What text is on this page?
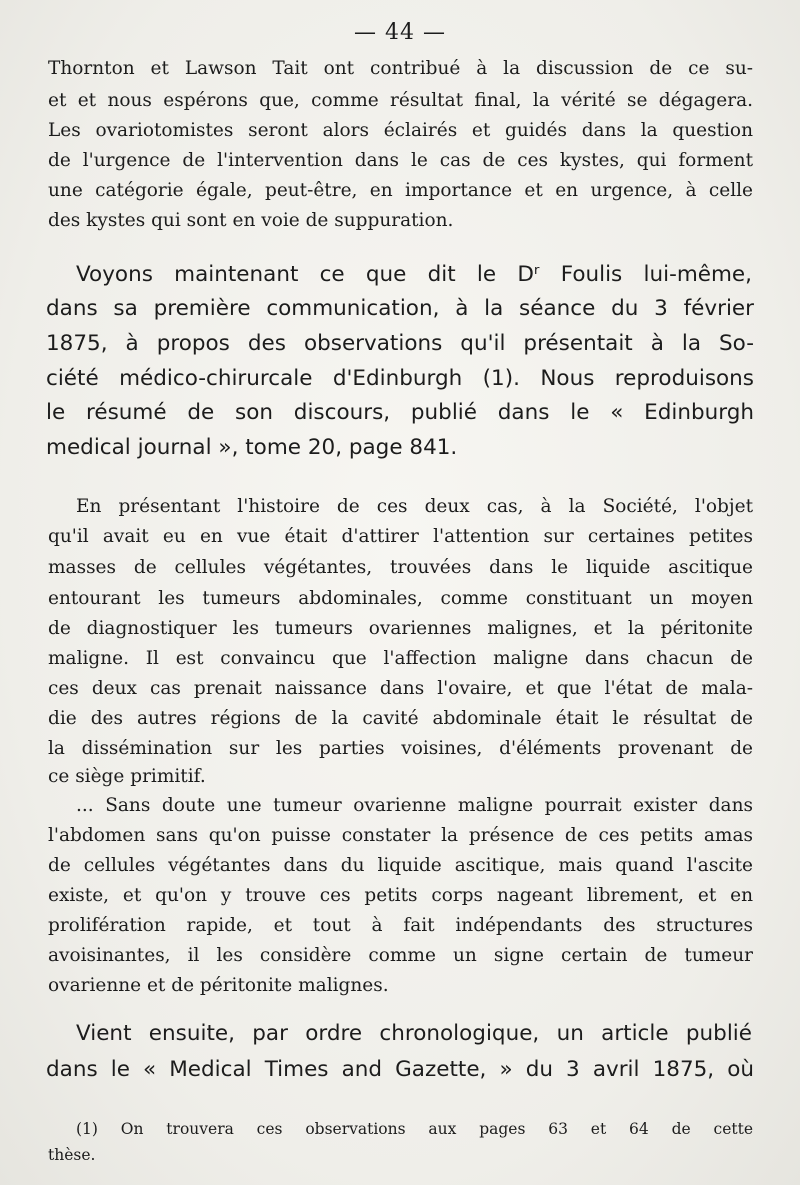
— 44 —
Thornton et Lawson Tait ont contribué à la discussion de ce su-
et et nous espérons que, comme résultat final, la vérité se dégagera.
Les ovariotomistes seront alors éclairés et guidés dans la question
de l'urgence de l'intervention dans le cas de ces kystes, qui forment
une catégorie égale, peut-être, en importance et en urgence, à celle
des kystes qui sont en voie de suppuration.
Voyons maintenant ce que dit le Dʳ Foulis lui-même,
dans sa première communication, à la séance du 3 février
1875, à propos des observations qu'il présentait à la So-
ciété médico-chirurcale d'Edinburgh (1). Nous reproduisons
le résumé de son discours, publié dans le « Edinburgh
medical journal », tome 20, page 841.
En présentant l'histoire de ces deux cas, à la Société, l'objet
qu'il avait eu en vue était d'attirer l'attention sur certaines petites
masses de cellules végétantes, trouvées dans le liquide ascitique
entourant les tumeurs abdominales, comme constituant un moyen
de diagnostiquer les tumeurs ovariennes malignes, et la péritonite
maligne. Il est convaincu que l'affection maligne dans chacun de
ces deux cas prenait naissance dans l'ovaire, et que l'état de mala-
die des autres régions de la cavité abdominale était le résultat de
la dissémination sur les parties voisines, d'éléments provenant de
ce siège primitif.
... Sans doute une tumeur ovarienne maligne pourrait exister dans
l'abdomen sans qu'on puisse constater la présence de ces petits amas
de cellules végétantes dans du liquide ascitique, mais quand l'ascite
existe, et qu'on y trouve ces petits corps nageant librement, et en
prolifération rapide, et tout à fait indépendants des structures
avoisinantes, il les considère comme un signe certain de tumeur
ovarienne et de péritonite malignes.
Vient ensuite, par ordre chronologique, un article publié
dans le « Medical Times and Gazette, » du 3 avril 1875, où
(1) On trouvera ces observations aux pages 63 et 64 de cette
thèse.
